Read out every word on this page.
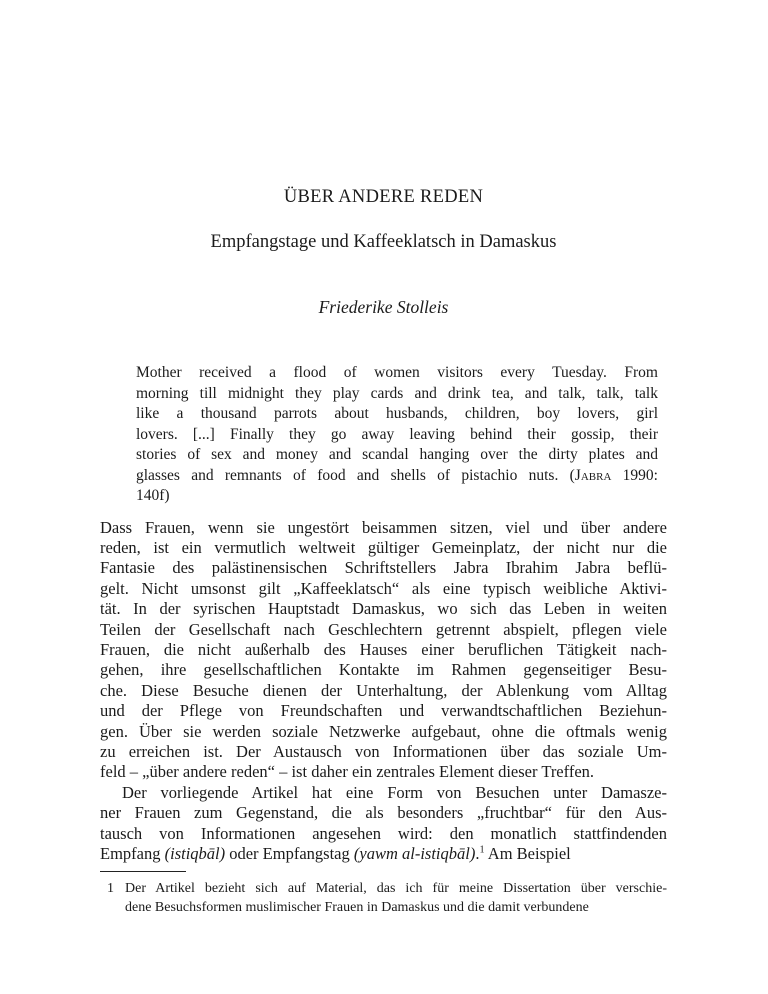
ÜBER ANDERE REDEN
Empfangstage und Kaffeeklatsch in Damaskus
Friederike Stolleis
Mother received a flood of women visitors every Tuesday. From
morning till midnight they play cards and drink tea, and talk, talk, talk
like a thousand parrots about husbands, children, boy lovers, girl
lovers. [...] Finally they go away leaving behind their gossip, their
stories of sex and money and scandal hanging over the dirty plates and
glasses and remnants of food and shells of pistachio nuts. (Jabra 1990:
140f)
Dass Frauen, wenn sie ungestört beisammen sitzen, viel und über andere
reden, ist ein vermutlich weltweit gültiger Gemeinplatz, der nicht nur die
Fantasie des palästinensischen Schriftstellers Jabra Ibrahim Jabra beflü-
gelt. Nicht umsonst gilt „Kaffeeklatsch“ als eine typisch weibliche Aktivi-
tät. In der syrischen Hauptstadt Damaskus, wo sich das Leben in weiten
Teilen der Gesellschaft nach Geschlechtern getrennt abspielt, pflegen viele
Frauen, die nicht außerhalb des Hauses einer beruflichen Tätigkeit nach-
gehen, ihre gesellschaftlichen Kontakte im Rahmen gegenseitiger Besu-
che. Diese Besuche dienen der Unterhaltung, der Ablenkung vom Alltag
und der Pflege von Freundschaften und verwandtschaftlichen Beziehun-
gen. Über sie werden soziale Netzwerke aufgebaut, ohne die oftmals wenig
zu erreichen ist. Der Austausch von Informationen über das soziale Um-
feld – „über andere reden“ – ist daher ein zentrales Element dieser Treffen.
Der vorliegende Artikel hat eine Form von Besuchen unter Damasze-
ner Frauen zum Gegenstand, die als besonders „fruchtbar“ für den Aus-
tausch von Informationen angesehen wird: den monatlich stattfindenden
Empfang (istiqbāl) oder Empfangstag (yawm al-istiqbāl).$^1$ Am Beispiel
1 Der Artikel bezieht sich auf Material, das ich für meine Dissertation über verschie-
dene Besuchsformen muslimischer Frauen in Damaskus und die damit verbundene
